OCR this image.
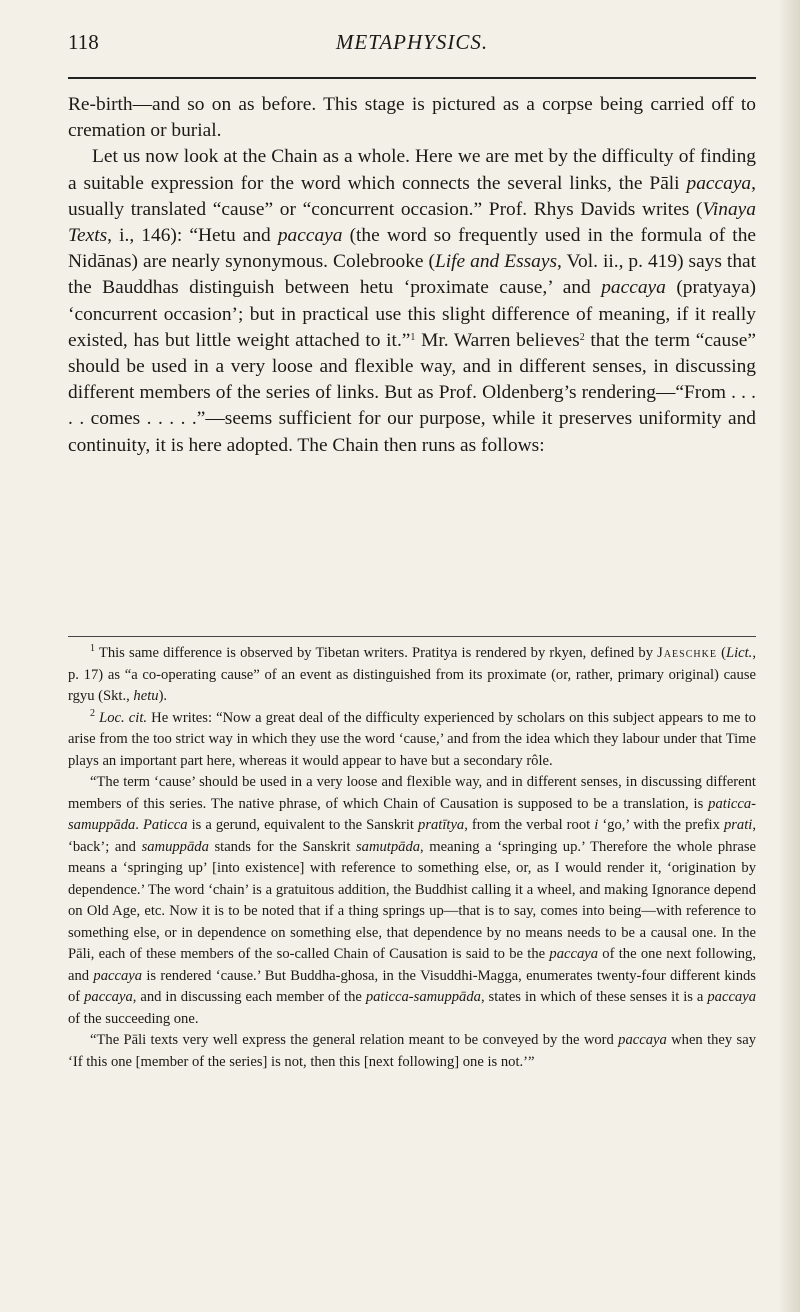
118	METAPHYSICS.

Re-birth—and so on as before. This stage is pictured as a corpse being carried off to cremation or burial.

Let us now look at the Chain as a whole. Here we are met by the difficulty of finding a suitable expression for the word which connects the several links, the Pāli paccaya, usually translated “cause” or “concurrent occasion.” Prof. Rhys Davids writes (Vinaya Texts, i., 146): “Hetu and paccaya (the word so frequently used in the formula of the Nidānas) are nearly synonymous. Colebrooke (Life and Essays, Vol. ii., p. 419) says that the Bauddhas distinguish between hetu ‘proximate cause,’ and paccaya (pratyaya) ‘concurrent occasion’; but in practical use this slight difference of meaning, if it really existed, has but little weight attached to it.”$^1$ Mr. Warren believes$^2$ that the term “cause” should be used in a very loose and flexible way, and in different senses, in discussing different members of the series of links. But as Prof. Oldenberg’s rendering—“From . . . . . comes . . . . .”—seems sufficient for our purpose, while it preserves uniformity and continuity, it is here adopted. The Chain then runs as follows:

$^1$ This same difference is observed by Tibetan writers. Pratitya is rendered by rkyen, defined by Jaeschke (Lict., p. 17) as “a co-operating cause” of an event as distinguished from its proximate (or, rather, primary original) cause rgyu (Skt., hetu).

$^2$ Loc. cit. He writes: “Now a great deal of the difficulty experienced by scholars on this subject appears to me to arise from the too strict way in which they use the word ‘cause,’ and from the idea which they labour under that Time plays an important part here, whereas it would appear to have but a secondary rôle.

“The term ‘cause’ should be used in a very loose and flexible way, and in different senses, in discussing different members of this series. The native phrase, of which Chain of Causation is supposed to be a translation, is paticca-samuppāda. Paticca is a gerund, equivalent to the Sanskrit pratītya, from the verbal root i ‘go,’ with the prefix prati, ‘back’; and samuppāda stands for the Sanskrit samutpāda, meaning a ‘springing up.’ Therefore the whole phrase means a ‘springing up’ [into existence] with reference to something else, or, as I would render it, ‘origination by dependence.’ The word ‘chain’ is a gratuitous addition, the Buddhist calling it a wheel, and making Ignorance depend on Old Age, etc. Now it is to be noted that if a thing springs up—that is to say, comes into being—with reference to something else, or in dependence on something else, that dependence by no means needs to be a causal one. In the Pāli, each of these members of the so-called Chain of Causation is said to be the paccaya of the one next following, and paccaya is rendered ‘cause.’ But Buddha-ghosa, in the Visuddhi-Magga, enumerates twenty-four different kinds of paccaya, and in discussing each member of the paticca-samuppāda, states in which of these senses it is a paccaya of the succeeding one.

“The Pāli texts very well express the general relation meant to be conveyed by the word paccaya when they say ‘If this one [member of the series] is not, then this [next following] one is not.’”
